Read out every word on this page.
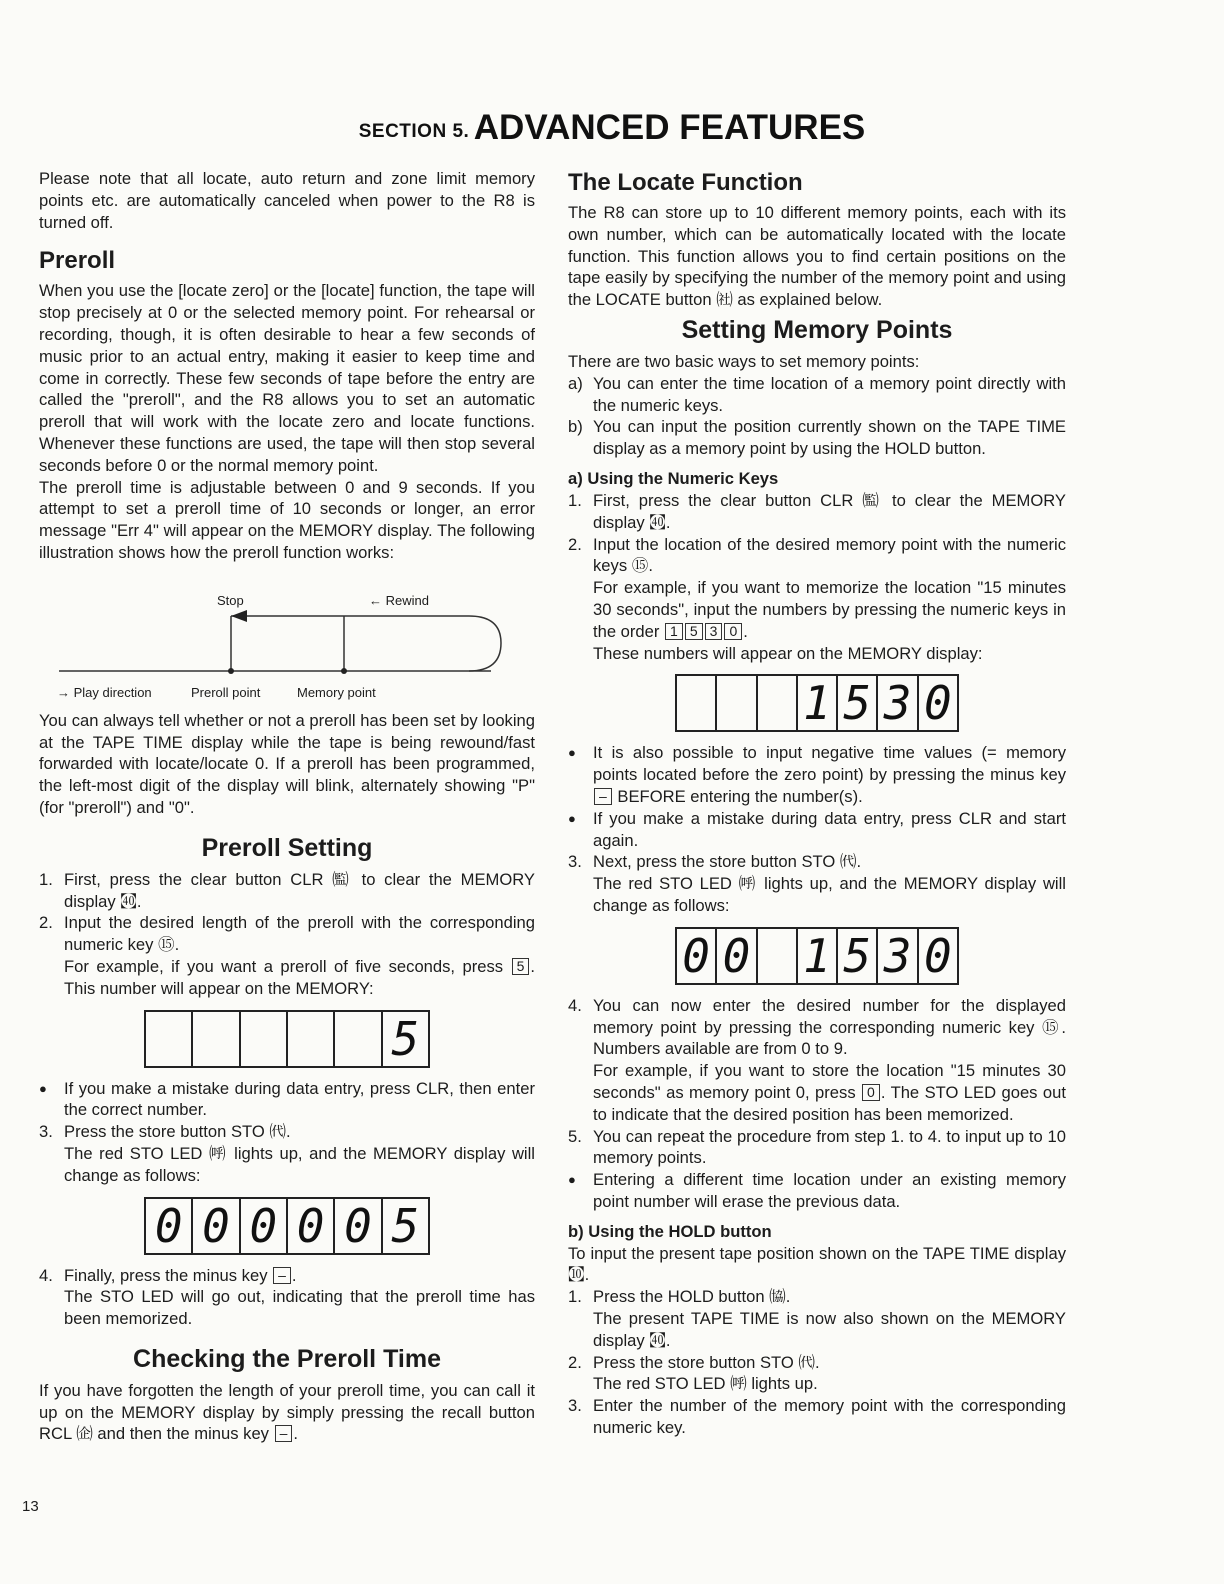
SECTION 5. ADVANCED FEATURES

Please note that all locate, auto return and zone limit memory points etc. are automatically canceled when power to the R8 is turned off.

Preroll

When you use the [locate zero] or the [locate] function, the tape will stop precisely at 0 or the selected memory point. For rehearsal or recording, though, it is often desirable to hear a few seconds of music prior to an actual entry, making it easier to keep time and come in correctly. These few seconds of tape before the entry are called the "preroll", and the R8 allows you to set an automatic preroll that will work with the locate zero and locate functions. Whenever these functions are used, the tape will then stop several seconds before 0 or the normal memory point.

The preroll time is adjustable between 0 and 9 seconds. If you attempt to set a preroll time of 10 seconds or longer, an error message "Err 4" will appear on the MEMORY display. The following illustration shows how the preroll function works:

Stop	← Rewind
→ Play direction	Preroll point	Memory point

You can always tell whether or not a preroll has been set by looking at the TAPE TIME display while the tape is being rewound/fast forwarded with locate/locate 0. If a preroll has been programmed, the left-most digit of the display will blink, alternately showing "P" (for "preroll") and "0".

Preroll Setting
1. First, press the clear button CLR ㈼ to clear the MEMORY display ㉋.
2. Input the desired length of the preroll with the corresponding numeric key ⑮.

For example, if you want a preroll of five seconds, press 5 . This number will appear on the MEMORY:

5
●	If you make a mistake during data entry, press CLR, then enter the correct number.
3. Press the store button STO ㈹.

The red STO LED ㈺ lights up, and the MEMORY display will change as follows:

0 0 0 0 0 5
4. Finally, press the minus key – .

The STO LED will go out, indicating that the preroll time has been memorized.

Checking the Preroll Time

If you have forgotten the length of your preroll time, you can call it up on the MEMORY display by simply pressing the recall button RCL ㈽ and then the minus key – .

The Locate Function

The R8 can store up to 10 different memory points, each with its own number, which can be automatically located with the locate function. This function allows you to find certain positions on the tape easily by specifying the number of the memory point and using the LOCATE button ㈳ as explained below.

Setting Memory Points

There are two basic ways to set memory points:

a) You can enter the time location of a memory point directly with the numeric keys.
b) You can input the position currently shown on the TAPE TIME display as a memory point by using the HOLD button.
a) Using the Numeric Keys
1. First, press the clear button CLR ㈼ to clear the MEMORY display ㉋.
2. Input the location of the desired memory point with the numeric keys ⑮.

For example, if you want to memorize the location "15 minutes 30 seconds", input the numbers by pressing the numeric keys in the order 1 5 3 0 .

These numbers will appear on the MEMORY display:

1 5 3 0
●	It is also possible to input negative time values (= memory points located before the zero point) by pressing the minus key – BEFORE entering the number(s).
●	If you make a mistake during data entry, press CLR and start again.
3. Next, press the store button STO ㈹.

The red STO LED ㈺ lights up, and the MEMORY display will change as follows:

0 0 1 5 3 0
4. You can now enter the desired number for the displayed memory point by pressing the corresponding numeric key ⑮. Numbers available are from 0 to 9.

For example, if you want to store the location "15 minutes 30 seconds" as memory point 0, press 0 . The STO LED goes out to indicate that the desired position has been memorized.

5. You can repeat the procedure from step 1. to 4. to input up to 10 memory points.
●	Entering a different time location under an existing memory point number will erase the previous data.
b) Using the HOLD button

To input the present tape position shown on the TAPE TIME display ㉈.

1. Press the HOLD button ㈿.

The present TAPE TIME is now also shown on the MEMORY display ㉋.

2. Press the store button STO ㈹.

The red STO LED ㈺ lights up.

3. Enter the number of the memory point with the corresponding numeric key.
13
